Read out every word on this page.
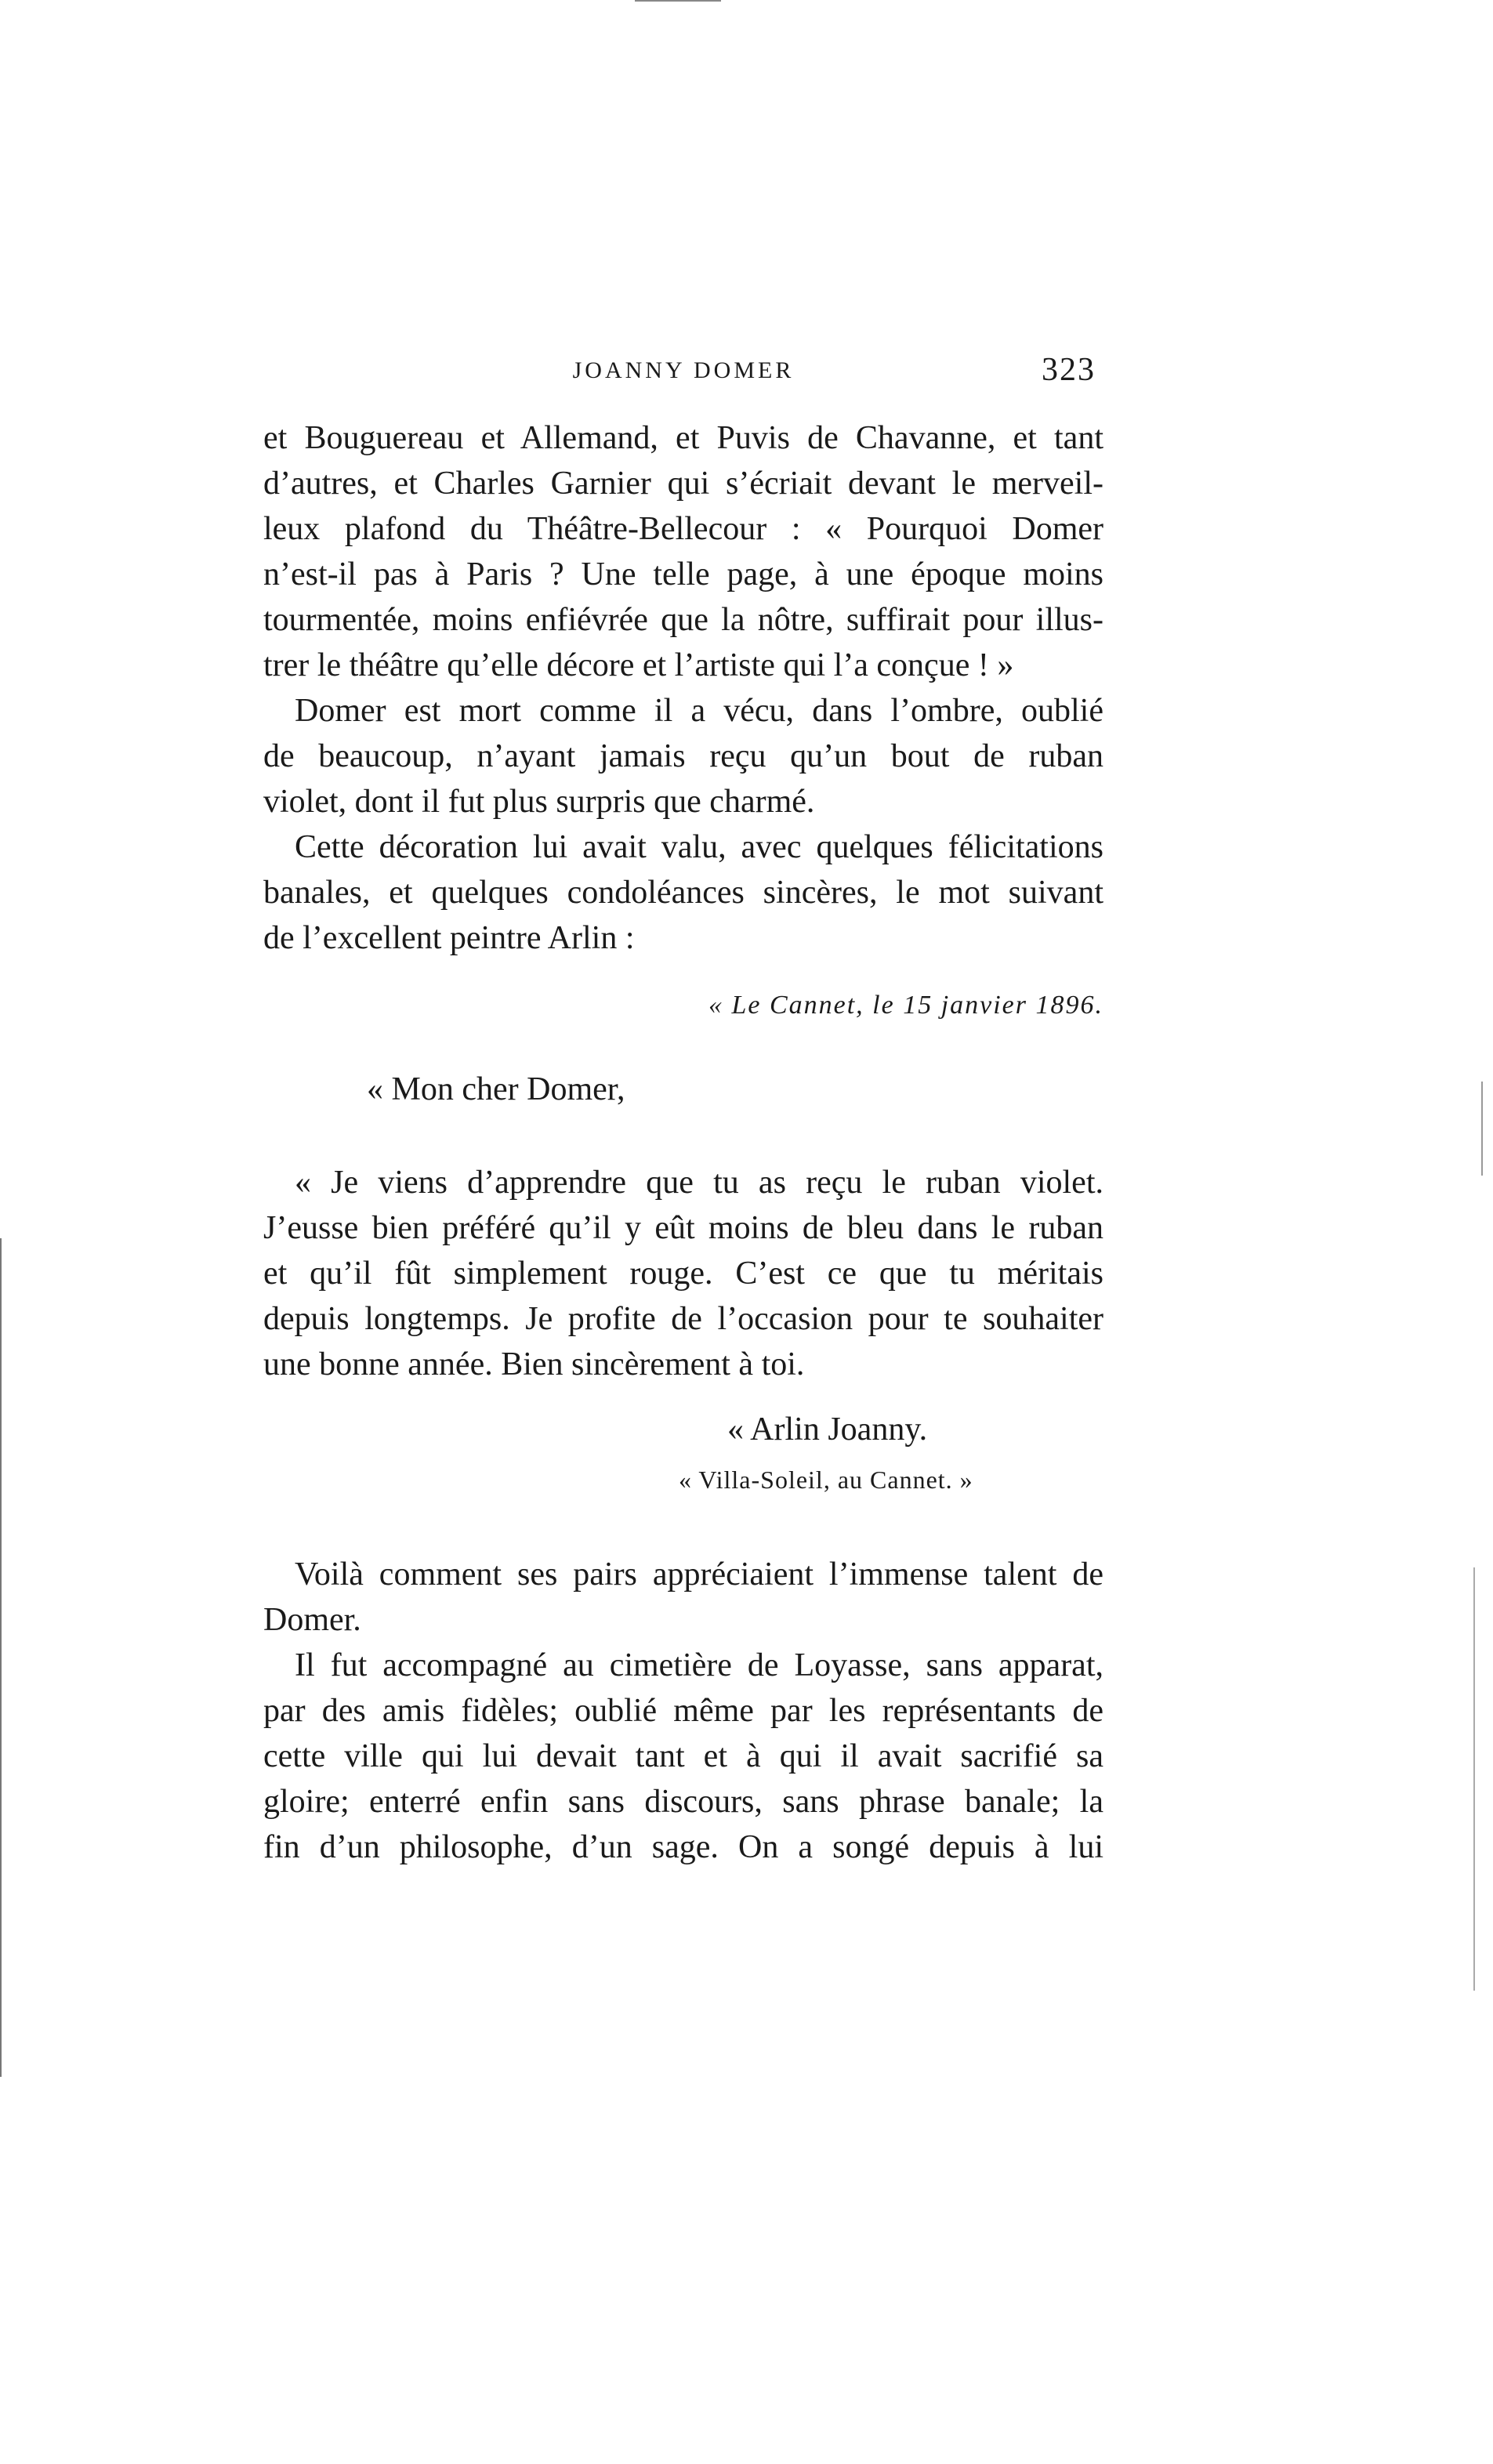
JOANNY DOMER	323
et Bouguereau et Allemand, et Puvis de Chavanne, et tant
d’autres, et Charles Garnier qui s’écriait devant le merveil-
leux plafond du Théâtre-Bellecour : « Pourquoi Domer
n’est-il pas à Paris ? Une telle page, à une époque moins
tourmentée, moins enfiévrée que la nôtre, suffirait pour illus-
trer le théâtre qu’elle décore et l’artiste qui l’a conçue ! »
Domer est mort comme il a vécu, dans l’ombre, oublié
de beaucoup, n’ayant jamais reçu qu’un bout de ruban
violet, dont il fut plus surpris que charmé.
Cette décoration lui avait valu, avec quelques félicitations
banales, et quelques condoléances sincères, le mot suivant
de l’excellent peintre Arlin :
« Le Cannet, le 15 janvier 1896.
« Mon cher Domer,
« Je viens d’apprendre que tu as reçu le ruban violet.
J’eusse bien préféré qu’il y eût moins de bleu dans le ruban
et qu’il fût simplement rouge. C’est ce que tu méritais
depuis longtemps. Je profite de l’occasion pour te souhaiter
une bonne année. Bien sincèrement à toi.
« Arlin Joanny.
« Villa-Soleil, au Cannet. »
Voilà comment ses pairs appréciaient l’immense talent de
Domer.
Il fut accompagné au cimetière de Loyasse, sans apparat,
par des amis fidèles; oublié même par les représentants de
cette ville qui lui devait tant et à qui il avait sacrifié sa
gloire; enterré enfin sans discours, sans phrase banale; la
fin d’un philosophe, d’un sage. On a songé depuis à lui
